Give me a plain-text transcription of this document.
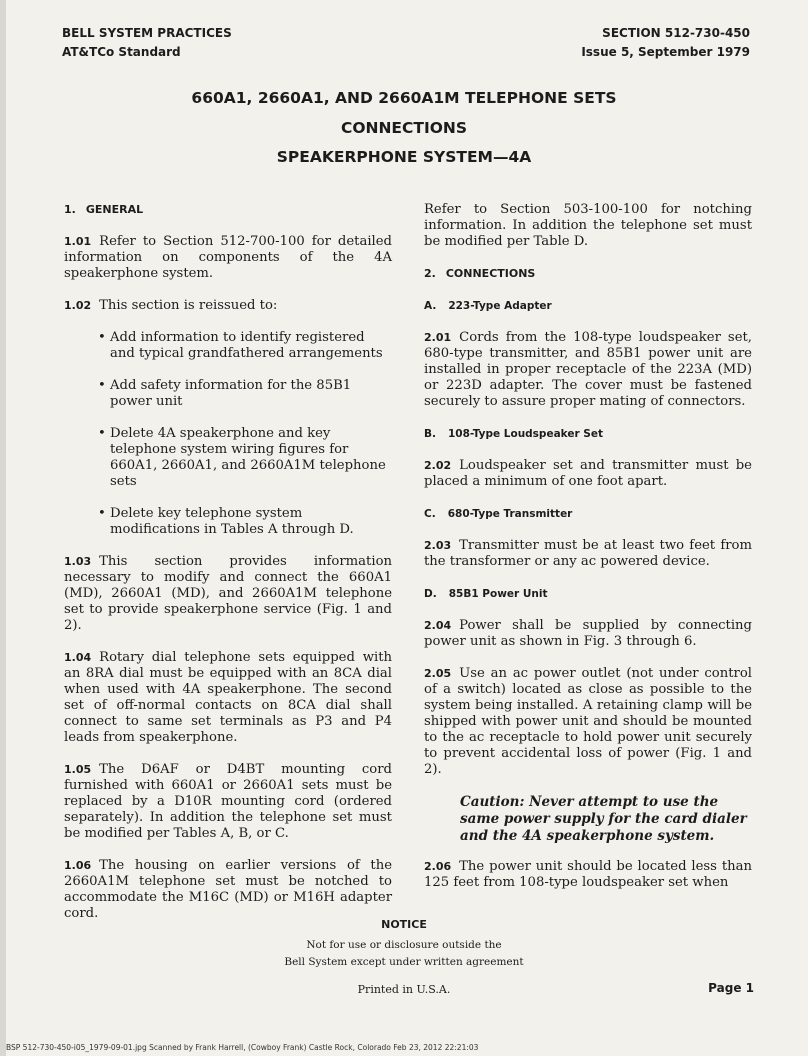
BELL SYSTEM PRACTICES
AT&TCo Standard
SECTION 512-730-450
Issue 5, September 1979
660A1, 2660A1, AND 2660A1M TELEPHONE SETS
CONNECTIONS
SPEAKERPHONE SYSTEM—4A
1. GENERAL

1.01 Refer to Section 512-700-100 for detailed information on components of the 4A speakerphone system.

1.02 This section is reissued to:

• Add information to identify registered and typical grandfathered arrangements
• Add safety information for the 85B1 power unit
• Delete 4A speakerphone and key telephone system wiring figures for 660A1, 2660A1, and 2660A1M telephone sets
• Delete key telephone system modifications in Tables A through D.

1.03 This section provides information necessary to modify and connect the 660A1 (MD), 2660A1 (MD), and 2660A1M telephone set to provide speakerphone service (Fig. 1 and 2).

1.04 Rotary dial telephone sets equipped with an 8RA dial must be equipped with an 8CA dial when used with 4A speakerphone. The second set of off-normal contacts on 8CA dial shall connect to same set terminals as P3 and P4 leads from speakerphone.

1.05 The D6AF or D4BT mounting cord furnished with 660A1 or 2660A1 sets must be replaced by a D10R mounting cord (ordered separately). In addition the telephone set must be modified per Tables A, B, or C.

1.06 The housing on earlier versions of the 2660A1M telephone set must be notched to accommodate the M16C (MD) or M16H adapter cord.

Refer to Section 503-100-100 for notching information. In addition the telephone set must be modified per Table D.

2. CONNECTIONS
A. 223-Type Adapter

2.01 Cords from the 108-type loudspeaker set, 680-type transmitter, and 85B1 power unit are installed in proper receptacle of the 223A (MD) or 223D adapter. The cover must be fastened securely to assure proper mating of connectors.

B. 108-Type Loudspeaker Set

2.02 Loudspeaker set and transmitter must be placed a minimum of one foot apart.

C. 680-Type Transmitter

2.03 Transmitter must be at least two feet from the transformer or any ac powered device.

D. 85B1 Power Unit

2.04 Power shall be supplied by connecting power unit as shown in Fig. 3 through 6.

2.05 Use an ac power outlet (not under control of a switch) located as close as possible to the system being installed. A retaining clamp will be shipped with power unit and should be mounted to the ac receptacle to hold power unit securely to prevent accidental loss of power (Fig. 1 and 2).

Caution: Never attempt to use the same power supply for the card dialer and the 4A speakerphone system.

2.06 The power unit should be located less than 125 feet from 108-type loudspeaker set when

NOTICE
Not for use or disclosure outside the
Bell System except under written agreement
Printed in U.S.A.	Page 1
BSP 512-730-450-i05_1979-09-01.jpg Scanned by Frank Harrell, (Cowboy Frank) Castle Rock, Colorado Feb 23, 2012 22:21:03
